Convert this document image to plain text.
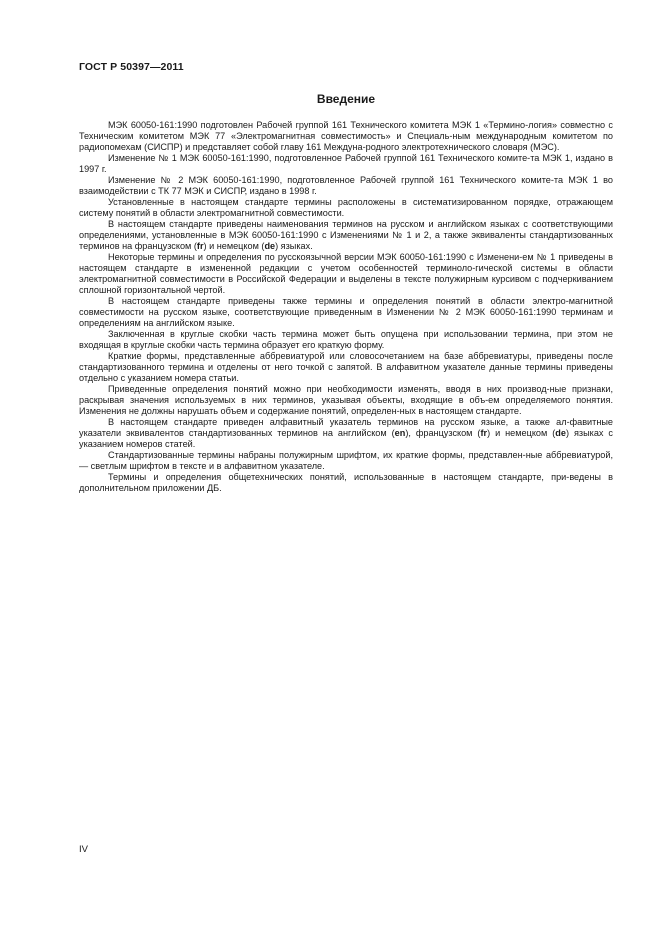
ГОСТ Р 50397—2011
Введение

МЭК 60050-161:1990 подготовлен Рабочей группой 161 Технического комитета МЭК 1 «Термино-логия» совместно с Техническим комитетом МЭК 77 «Электромагнитная совместимость» и Специаль-ным международным комитетом по радиопомехам (СИСПР) и представляет собой главу 161 Междуна-родного электротехнического словаря (МЭС).

Изменение № 1 МЭК 60050-161:1990, подготовленное Рабочей группой 161 Технического комите-та МЭК 1, издано в 1997 г.

Изменение № 2 МЭК 60050-161:1990, подготовленное Рабочей группой 161 Технического комите-та МЭК 1 во взаимодействии с ТК 77 МЭК и СИСПР, издано в 1998 г.

Установленные в настоящем стандарте термины расположены в систематизированном порядке, отражающем систему понятий в области электромагнитной совместимости.

В настоящем стандарте приведены наименования терминов на русском и английском языках с соответствующими определениями, установленные в МЭК 60050-161:1990 с Изменениями № 1 и 2, а также эквиваленты стандартизованных терминов на французском (fr) и немецком (de) языках.

Некоторые термины и определения по русскоязычной версии МЭК 60050-161:1990 с Изменени-ем № 1 приведены в настоящем стандарте в измененной редакции с учетом особенностей терминоло-гической системы в области электромагнитной совместимости в Российской Федерации и выделены в тексте полужирным курсивом с подчеркиванием сплошной горизонтальной чертой.

В настоящем стандарте приведены также термины и определения понятий в области электро-магнитной совместимости на русском языке, соответствующие приведенным в Изменении № 2 МЭК 60050-161:1990 терминам и определениям на английском языке.

Заключенная в круглые скобки часть термина может быть опущена при использовании термина, при этом не входящая в круглые скобки часть термина образует его краткую форму.

Краткие формы, представленные аббревиатурой или словосочетанием на базе аббревиатуры, приведены после стандартизованного термина и отделены от него точкой с запятой. В алфавитном указателе данные термины приведены отдельно с указанием номера статьи.

Приведенные определения понятий можно при необходимости изменять, вводя в них производ-ные признаки, раскрывая значения используемых в них терминов, указывая объекты, входящие в объ-ем определяемого понятия. Изменения не должны нарушать объем и содержание понятий, определен-ных в настоящем стандарте.

В настоящем стандарте приведен алфавитный указатель терминов на русском языке, а также ал-фавитные указатели эквивалентов стандартизованных терминов на английском (en), французском (fr) и немецком (de) языках с указанием номеров статей.

Стандартизованные термины набраны полужирным шрифтом, их краткие формы, представлен-ные аббревиатурой, — светлым шрифтом в тексте и в алфавитном указателе.

Термины и определения общетехнических понятий, использованные в настоящем стандарте, при-ведены в дополнительном приложении ДБ.

IV
